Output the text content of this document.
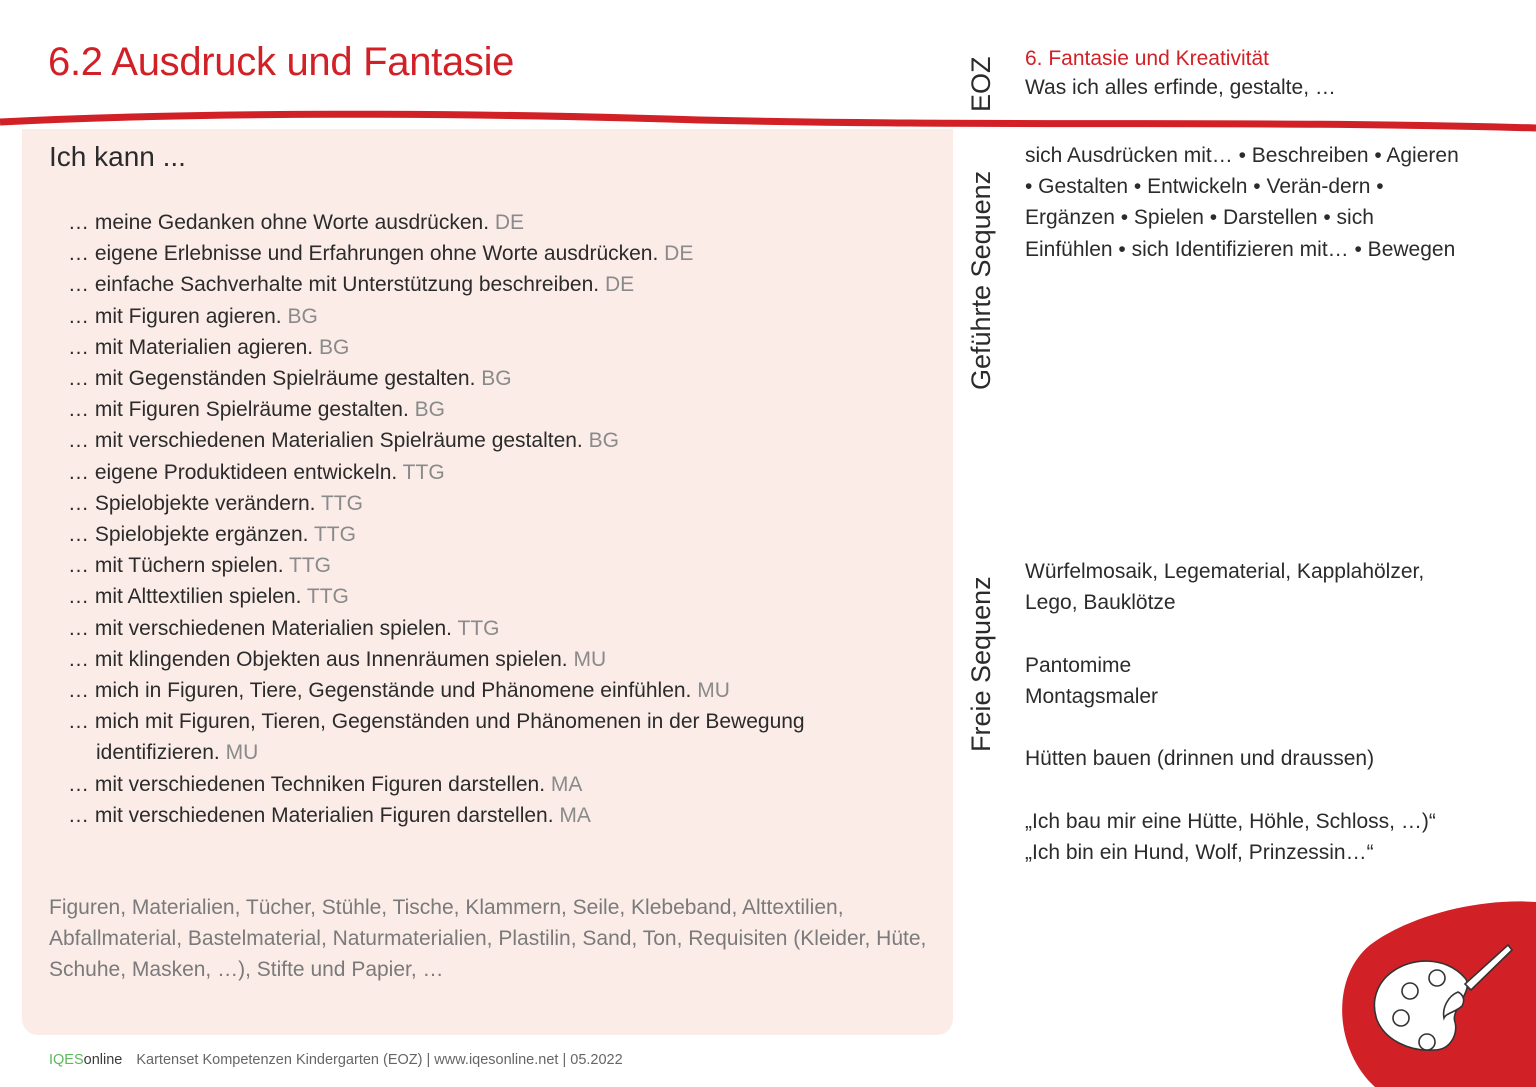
6.2 Ausdruck und Fantasie	EOZ 6. Fantasie und Kreativität
Was ich alles erfinde, gestalte, …
Ich kann ...
… meine Gedanken ohne Worte ausdrücken. DE
… eigene Erlebnisse und Erfahrungen ohne Worte ausdrücken. DE
… einfache Sachverhalte mit Unterstützung beschreiben. DE
… mit Figuren agieren. BG
… mit Materialien agieren. BG
… mit Gegenständen Spielräume gestalten. BG
… mit Figuren Spielräume gestalten. BG
… mit verschiedenen Materialien Spielräume gestalten. BG
… eigene Produktideen entwickeln. TTG
… Spielobjekte verändern. TTG
… Spielobjekte ergänzen. TTG
… mit Tüchern spielen. TTG
… mit Alttextilien spielen. TTG
… mit verschiedenen Materialien spielen. TTG
… mit klingenden Objekten aus Innenräumen spielen. MU
… mich in Figuren, Tiere, Gegenstände und Phänomene einfühlen. MU
… mich mit Figuren, Tieren, Gegenständen und Phänomenen in der Bewegung identifizieren. MU
… mit verschiedenen Techniken Figuren darstellen. MA
… mit verschiedenen Materialien Figuren darstellen. MA
Figuren, Materialien, Tücher, Stühle, Tische, Klammern, Seile, Klebeband, Alttextilien, Abfallmaterial, Bastelmaterial, Naturmaterialien, Plastilin, Sand, Ton, Requisiten (Kleider, Hüte, Schuhe, Masken, …), Stifte und Papier, …
Geführte Sequenz
sich Ausdrücken mit… • Beschreiben • Agieren • Gestalten • Entwickeln • Verän-dern • Ergänzen • Spielen • Darstellen • sich Einfühlen • sich Identifizieren mit… • Bewegen
Freie Sequenz

Würfelmosaik, Legematerial, Kapplahölzer,
Lego, Bauklötze

Pantomime
Montagsmaler

Hütten bauen (drinnen und draussen)

„Ich bau mir eine Hütte, Höhle, Schloss, …)“
„Ich bin ein Hund, Wolf, Prinzessin…“

IQESonline Kartenset Kompetenzen Kindergarten (EOZ) | www.iqesonline.net | 05.2022
